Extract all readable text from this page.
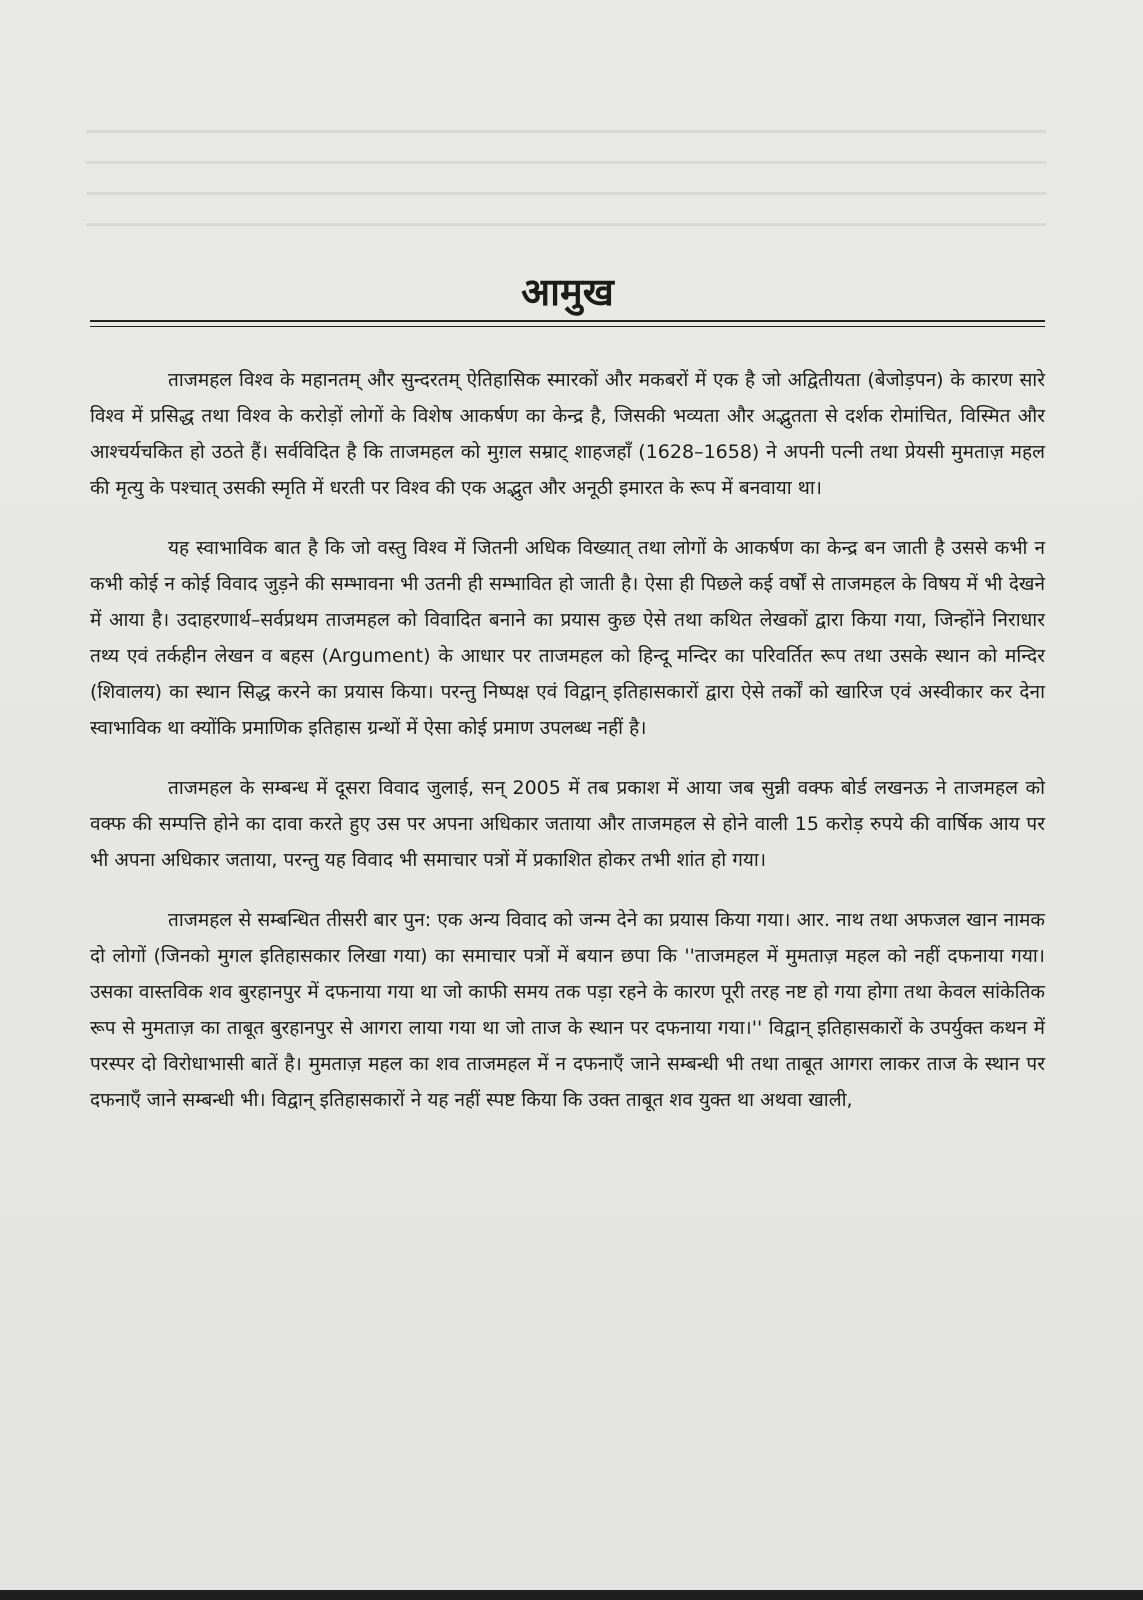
आमुख

ताजमहल विश्व के महानतम् और सुन्दरतम् ऐतिहासिक स्मारकों और मकबरों में एक है जो अद्वितीयता (बेजोड़पन) के कारण सारे विश्व में प्रसिद्ध तथा विश्व के करोड़ों लोगों के विशेष आकर्षण का केन्द्र है, जिसकी भव्यता और अद्भुतता से दर्शक रोमांचित, विस्मित और आश्चर्यचकित हो उठते हैं। सर्वविदित है कि ताजमहल को मुग़ल सम्राट् शाहजहाँ (1628–1658) ने अपनी पत्नी तथा प्रेयसी मुमताज़ महल की मृत्यु के पश्चात् उसकी स्मृति में धरती पर विश्व की एक अद्भुत और अनूठी इमारत के रूप में बनवाया था।

यह स्वाभाविक बात है कि जो वस्तु विश्व में जितनी अधिक विख्यात् तथा लोगों के आकर्षण का केन्द्र बन जाती है उससे कभी न कभी कोई न कोई विवाद जुड़ने की सम्भावना भी उतनी ही सम्भावित हो जाती है। ऐसा ही पिछले कई वर्षों से ताजमहल के विषय में भी देखने में आया है। उदाहरणार्थ–सर्वप्रथम ताजमहल को विवादित बनाने का प्रयास कुछ ऐसे तथा कथित लेखकों द्वारा किया गया, जिन्होंने निराधार तथ्य एवं तर्कहीन लेखन व बहस (Argument) के आधार पर ताजमहल को हिन्दू मन्दिर का परिवर्तित रूप तथा उसके स्थान को मन्दिर (शिवालय) का स्थान सिद्ध करने का प्रयास किया। परन्तु निष्पक्ष एवं विद्वान् इतिहासकारों द्वारा ऐसे तर्कों को खारिज एवं अस्वीकार कर देना स्वाभाविक था क्योंकि प्रमाणिक इतिहास ग्रन्थों में ऐसा कोई प्रमाण उपलब्ध नहीं है।

ताजमहल के सम्बन्ध में दूसरा विवाद जुलाई, सन् 2005 में तब प्रकाश में आया जब सुन्नी वक्फ बोर्ड लखनऊ ने ताजमहल को वक्फ की सम्पत्ति होने का दावा करते हुए उस पर अपना अधिकार जताया और ताजमहल से होने वाली 15 करोड़ रुपये की वार्षिक आय पर भी अपना अधिकार जताया, परन्तु यह विवाद भी समाचार पत्रों में प्रकाशित होकर तभी शांत हो गया।

ताजमहल से सम्बन्धित तीसरी बार पुन: एक अन्य विवाद को जन्म देने का प्रयास किया गया। आर. नाथ तथा अफजल खान नामक दो लोगों (जिनको मुगल इतिहासकार लिखा गया) का समाचार पत्रों में बयान छपा कि ''ताजमहल में मुमताज़ महल को नहीं दफनाया गया। उसका वास्तविक शव बुरहानपुर में दफनाया गया था जो काफी समय तक पड़ा रहने के कारण पूरी तरह नष्ट हो गया होगा तथा केवल सांकेतिक रूप से मुमताज़ का ताबूत बुरहानपुर से आगरा लाया गया था जो ताज के स्थान पर दफनाया गया।'' विद्वान् इतिहासकारों के उपर्युक्त कथन में परस्पर दो विरोधाभासी बातें है। मुमताज़ महल का शव ताजमहल में न दफनाएँ जाने सम्बन्धी भी तथा ताबूत आगरा लाकर ताज के स्थान पर दफनाएँ जाने सम्बन्धी भी। विद्वान् इतिहासकारों ने यह नहीं स्पष्ट किया कि उक्त ताबूत शव युक्त था अथवा खाली,
